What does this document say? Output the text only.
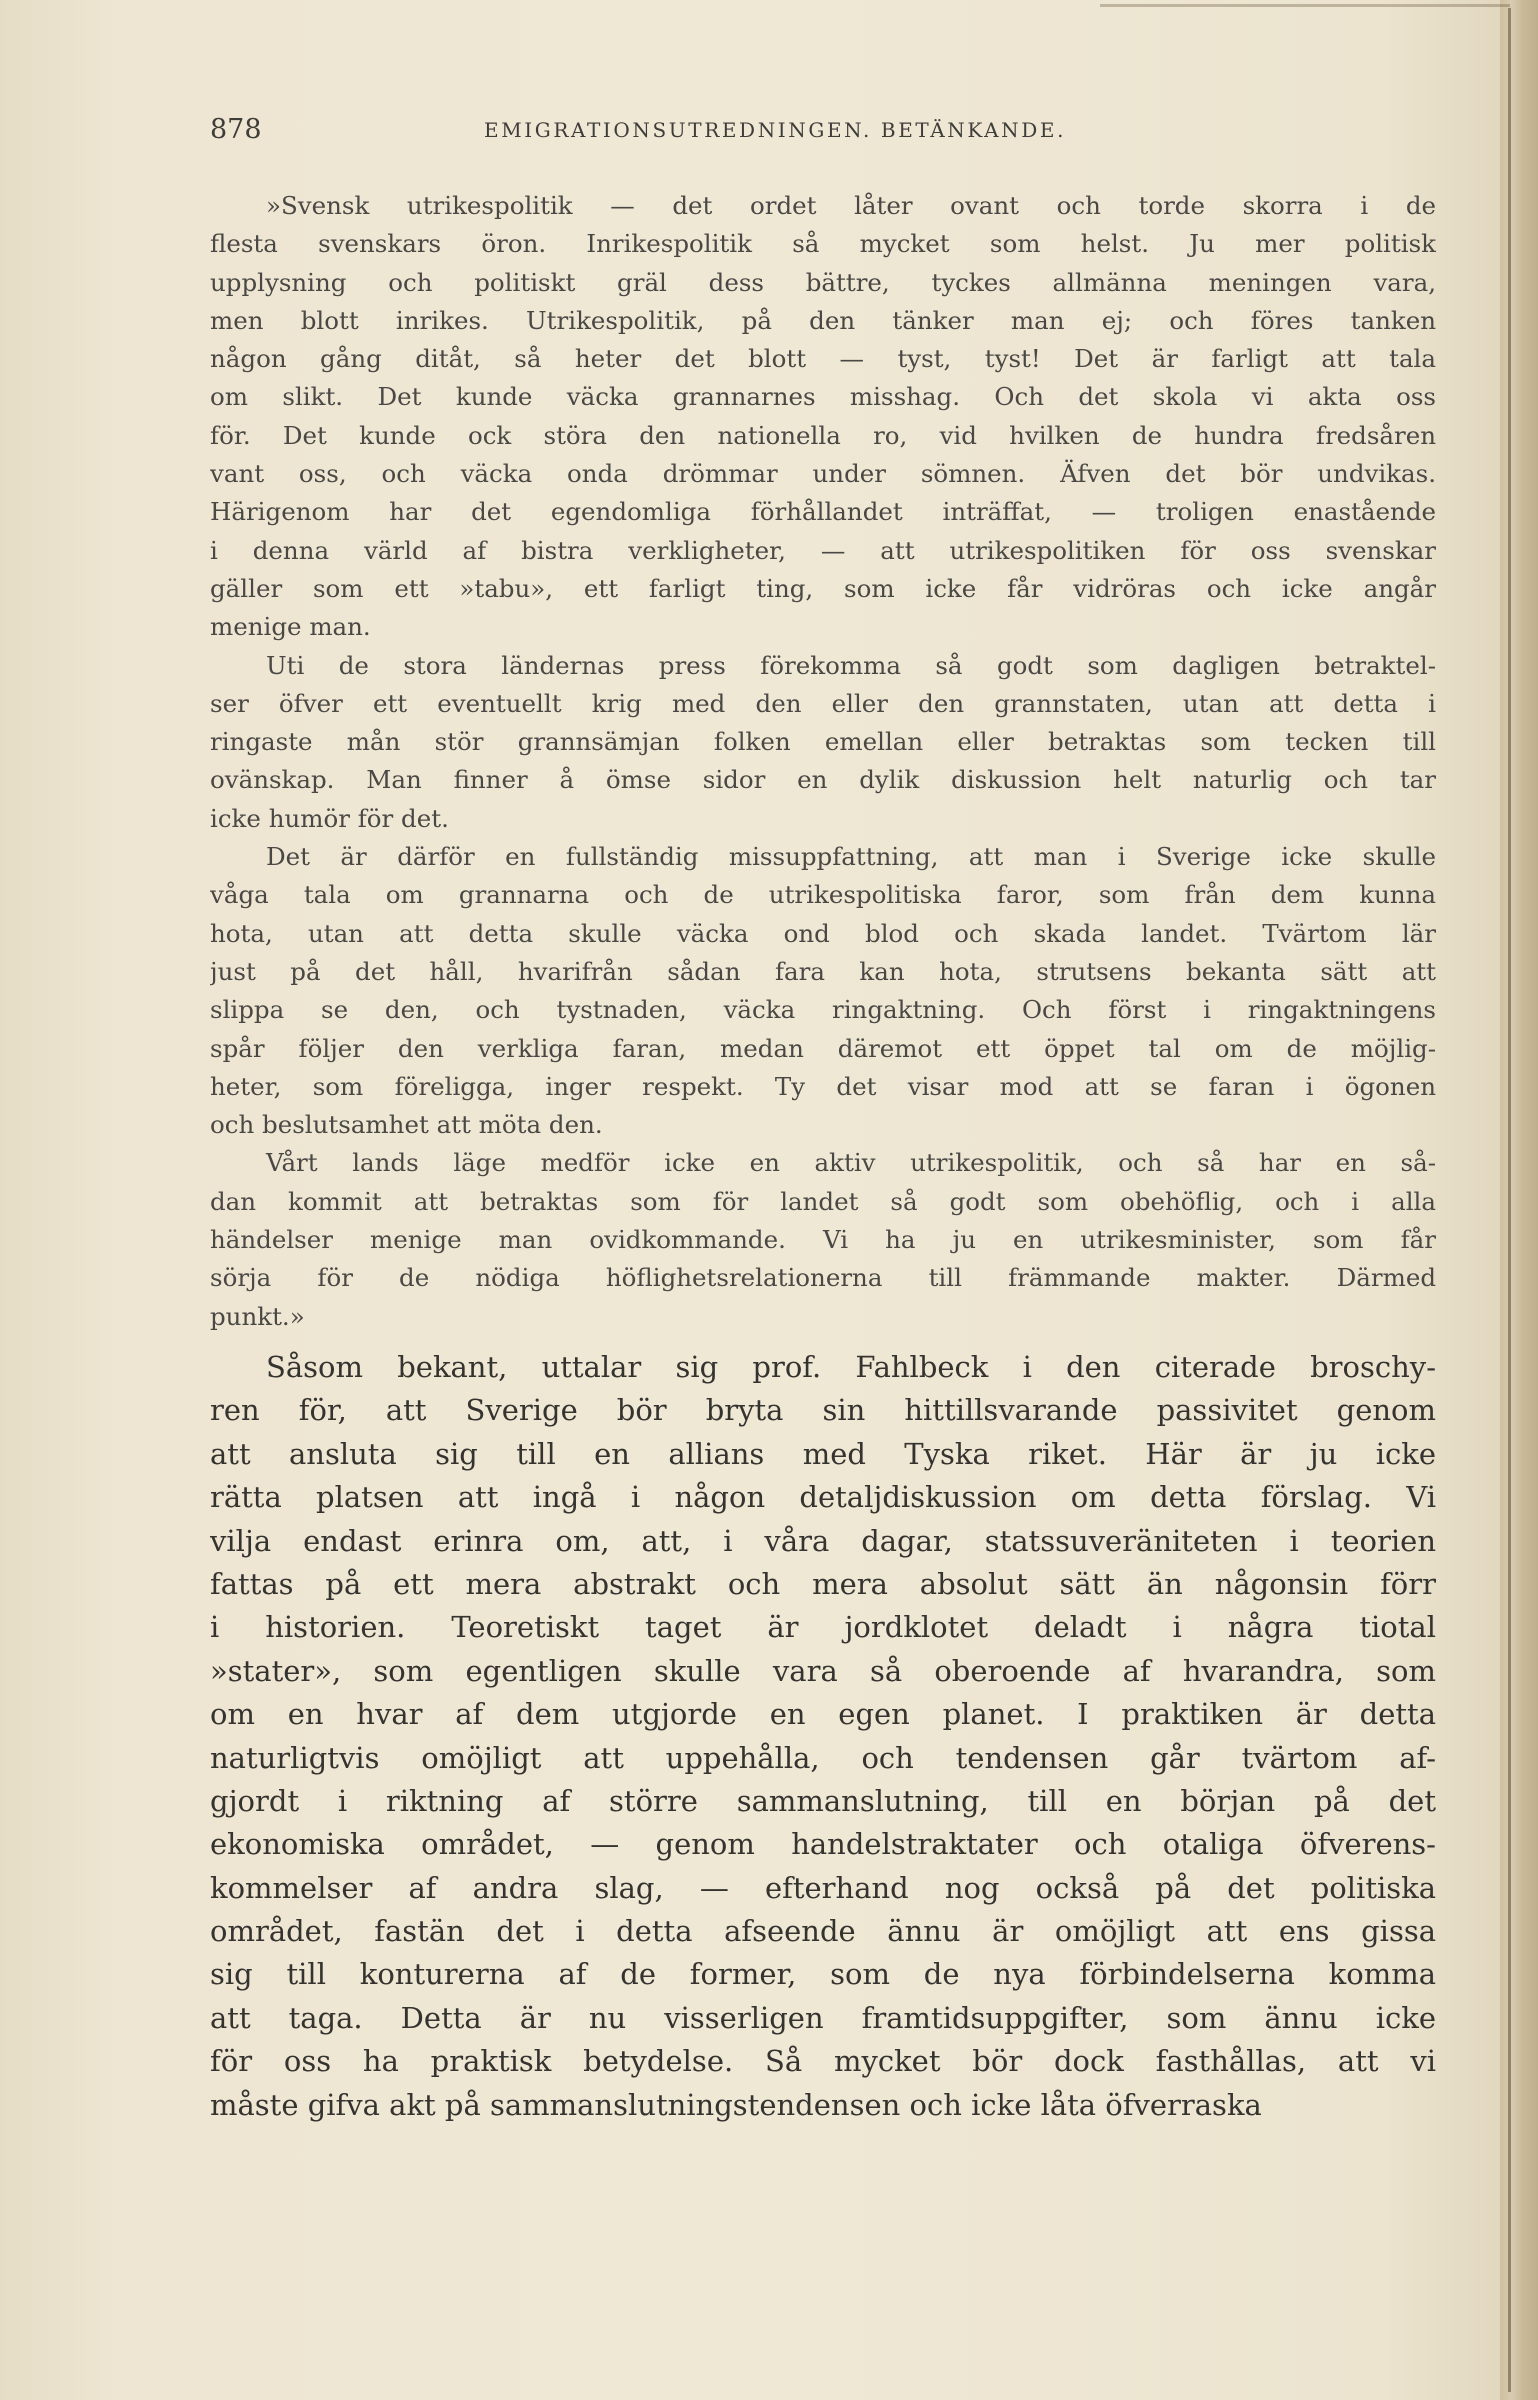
878	EMIGRATIONSUTREDNINGEN. BETÄNKANDE.
»Svensk utrikespolitik — det ordet låter ovant och torde skorra i de
flesta svenskars öron. Inrikespolitik så mycket som helst. Ju mer politisk
upplysning och politiskt gräl dess bättre, tyckes allmänna meningen vara,
men blott inrikes. Utrikespolitik, på den tänker man ej; och föres tanken
någon gång ditåt, så heter det blott — tyst, tyst! Det är farligt att tala
om slikt. Det kunde väcka grannarnes misshag. Och det skola vi akta oss
för. Det kunde ock störa den nationella ro, vid hvilken de hundra fredsåren
vant oss, och väcka onda drömmar under sömnen. Äfven det bör undvikas.
Härigenom har det egendomliga förhållandet inträffat, — troligen enastående
i denna värld af bistra verkligheter, — att utrikespolitiken för oss svenskar
gäller som ett »tabu», ett farligt ting, som icke får vidröras och icke angår
menige man.
Uti de stora ländernas press förekomma så godt som dagligen betraktel-
ser öfver ett eventuellt krig med den eller den grannstaten, utan att detta i
ringaste mån stör grannsämjan folken emellan eller betraktas som tecken till
ovänskap. Man finner å ömse sidor en dylik diskussion helt naturlig och tar
icke humör för det.
Det är därför en fullständig missuppfattning, att man i Sverige icke skulle
våga tala om grannarna och de utrikespolitiska faror, som från dem kunna
hota, utan att detta skulle väcka ond blod och skada landet. Tvärtom lär
just på det håll, hvarifrån sådan fara kan hota, strutsens bekanta sätt att
slippa se den, och tystnaden, väcka ringaktning. Och först i ringaktningens
spår följer den verkliga faran, medan däremot ett öppet tal om de möjlig-
heter, som föreligga, inger respekt. Ty det visar mod att se faran i ögonen
och beslutsamhet att möta den.
Vårt lands läge medför icke en aktiv utrikespolitik, och så har en så-
dan kommit att betraktas som för landet så godt som obehöflig, och i alla
händelser menige man ovidkommande. Vi ha ju en utrikesminister, som får
sörja för de nödiga höflighetsrelationerna till främmande makter. Därmed
punkt.»
Såsom bekant, uttalar sig prof. Fahlbeck i den citerade broschy-
ren för, att Sverige bör bryta sin hittillsvarande passivitet genom
att ansluta sig till en allians med Tyska riket. Här är ju icke
rätta platsen att ingå i någon detaljdiskussion om detta förslag. Vi
vilja endast erinra om, att, i våra dagar, statssuveräniteten i teorien
fattas på ett mera abstrakt och mera absolut sätt än någonsin förr
i historien. Teoretiskt taget är jordklotet deladt i några tiotal
»stater», som egentligen skulle vara så oberoende af hvarandra, som
om en hvar af dem utgjorde en egen planet. I praktiken är detta
naturligtvis omöjligt att uppehålla, och tendensen går tvärtom af-
gjordt i riktning af större sammanslutning, till en början på det
ekonomiska området, — genom handelstraktater och otaliga öfverens-
kommelser af andra slag, — efterhand nog också på det politiska
området, fastän det i detta afseende ännu är omöjligt att ens gissa
sig till konturerna af de former, som de nya förbindelserna komma
att taga. Detta är nu visserligen framtidsuppgifter, som ännu icke
för oss ha praktisk betydelse. Så mycket bör dock fasthållas, att vi
måste gifva akt på sammanslutningstendensen och icke låta öfverraska
